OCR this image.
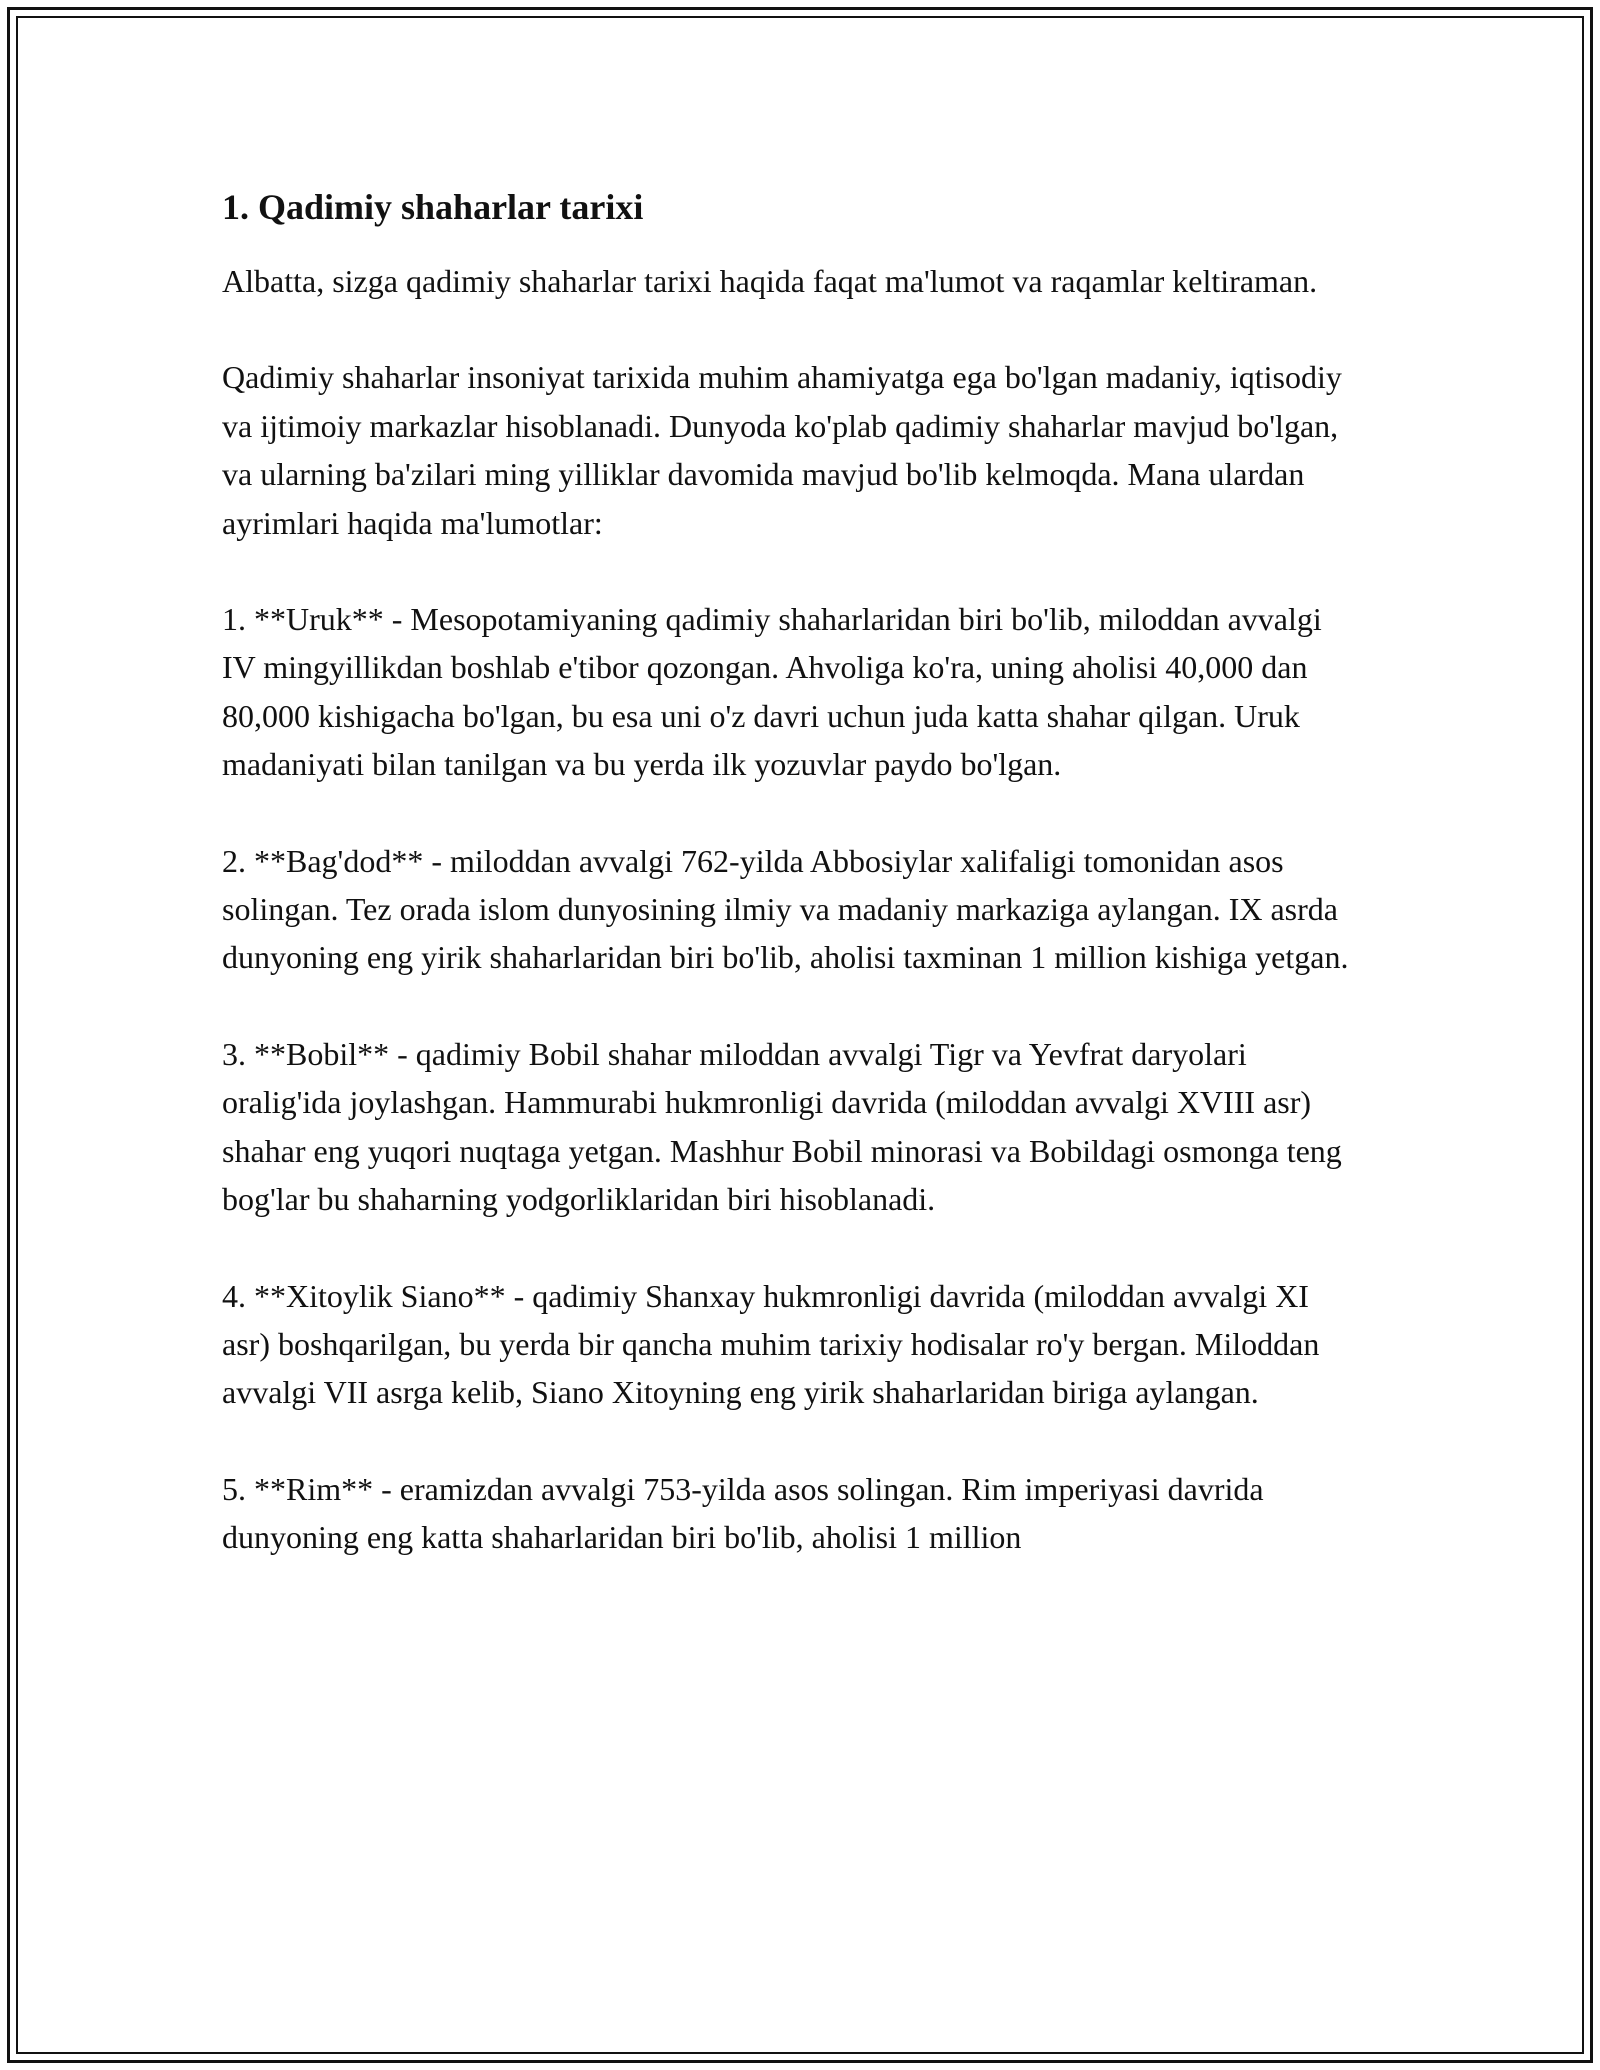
1. Qadimiy shaharlar tarixi

Albatta, sizga qadimiy shaharlar tarixi haqida faqat ma'lumot va raqamlar keltiraman.

Qadimiy shaharlar insoniyat tarixida muhim ahamiyatga ega bo'lgan madaniy, iqtisodiy va ijtimoiy markazlar hisoblanadi. Dunyoda ko'plab qadimiy shaharlar mavjud bo'lgan, va ularning ba'zilari ming yilliklar davomida mavjud bo'lib kelmoqda. Mana ulardan ayrimlari haqida ma'lumotlar:

1. **Uruk** - Mesopotamiyaning qadimiy shaharlaridan biri bo'lib, miloddan avvalgi IV mingyillikdan boshlab e'tibor qozongan. Ahvoliga ko'ra, uning aholisi 40,000 dan 80,000 kishigacha bo'lgan, bu esa uni o'z davri uchun juda katta shahar qilgan. Uruk madaniyati bilan tanilgan va bu yerda ilk yozuvlar paydo bo'lgan.

2. **Bag'dod** - miloddan avvalgi 762-yilda Abbosiylar xalifaligi tomonidan asos solingan. Tez orada islom dunyosining ilmiy va madaniy markaziga aylangan. IX asrda dunyoning eng yirik shaharlaridan biri bo'lib, aholisi taxminan 1 million kishiga yetgan.

3. **Bobil** - qadimiy Bobil shahar miloddan avvalgi Tigr va Yevfrat daryolari oralig'ida joylashgan. Hammurabi hukmronligi davrida (miloddan avvalgi XVIII asr) shahar eng yuqori nuqtaga yetgan. Mashhur Bobil minorasi va Bobildagi osmonga teng bog'lar bu shaharning yodgorliklaridan biri hisoblanadi.

4. **Xitoylik Siano** - qadimiy Shanxay hukmronligi davrida (miloddan avvalgi XI asr) boshqarilgan, bu yerda bir qancha muhim tarixiy hodisalar ro'y bergan. Miloddan avvalgi VII asrga kelib, Siano Xitoyning eng yirik shaharlaridan biriga aylangan.

5. **Rim** - eramizdan avvalgi 753-yilda asos solingan. Rim imperiyasi davrida dunyoning eng katta shaharlaridan biri bo'lib, aholisi 1 million
